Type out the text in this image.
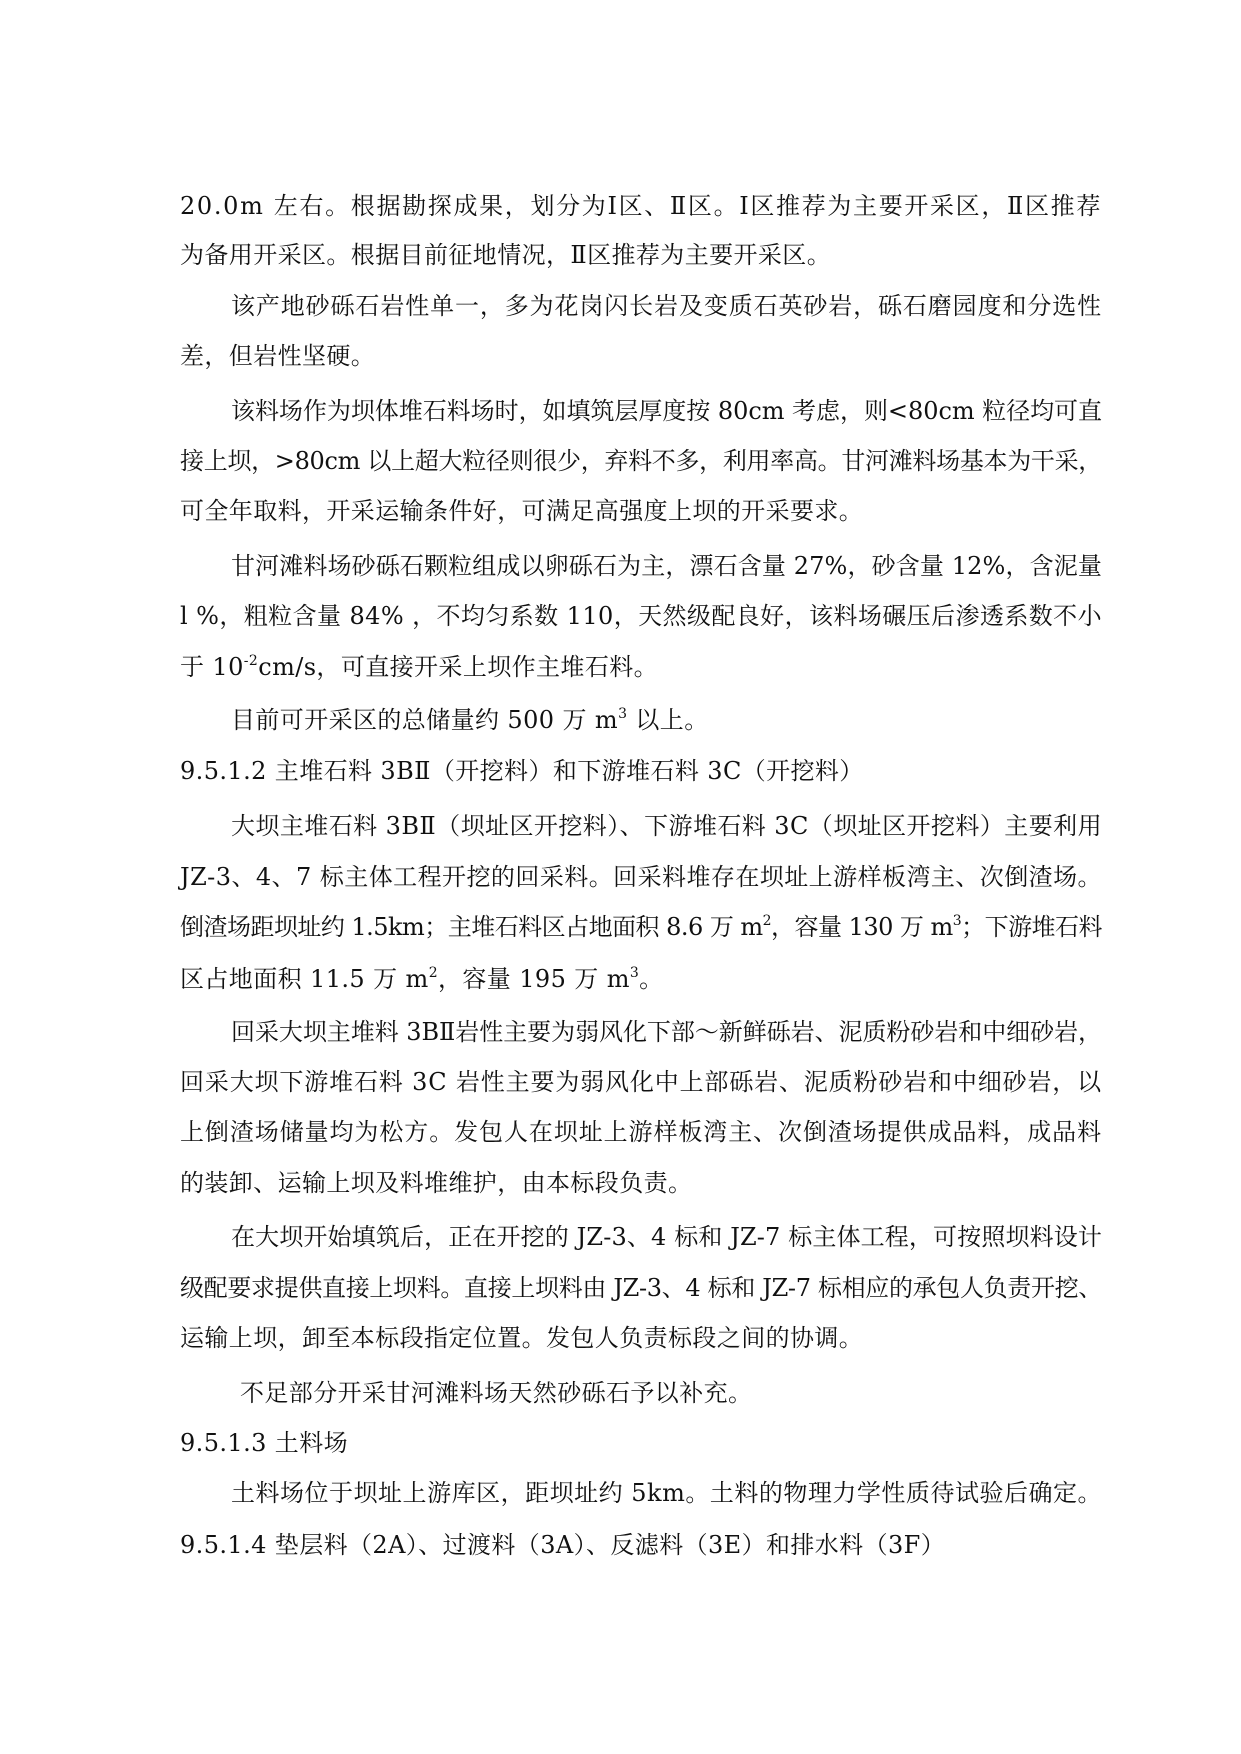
20.0m 左右。根据勘探成果，划分为Ⅰ区、Ⅱ区。Ⅰ区推荐为主要开采区，Ⅱ区推荐

为备用开采区。根据目前征地情况，Ⅱ区推荐为主要开采区。

该产地砂砾石岩性单一，多为花岗闪长岩及变质石英砂岩，砾石磨园度和分选性

差，但岩性坚硬。

该料场作为坝体堆石料场时，如填筑层厚度按 80cm 考虑，则<80cm 粒径均可直

接上坝，>80cm 以上超大粒径则很少，弃料不多，利用率高。甘河滩料场基本为干采，

可全年取料，开采运输条件好，可满足高强度上坝的开采要求。

甘河滩料场砂砾石颗粒组成以卵砾石为主，漂石含量 27%，砂含量 12%，含泥量

l %，粗粒含量 84% ，不均匀系数 110，天然级配良好，该料场碾压后渗透系数不小

于 $10^{-2}cm/s$，可直接开采上坝作主堆石料。

目前可开采区的总储量约 500 万 $m^3$ 以上。

9.5.1.2 主堆石料 3BⅡ（开挖料）和下游堆石料 3C（开挖料）

大坝主堆石料 3BⅡ（坝址区开挖料）、下游堆石料 3C（坝址区开挖料）主要利用

JZ-3、4、7 标主体工程开挖的回采料。回采料堆存在坝址上游样板湾主、次倒渣场。

倒渣场距坝址约 1.5km；主堆石料区占地面积 8.6 万 $m^2$，容量 130 万 $m^3$；下游堆石料

区占地面积 11.5 万 $m^2$，容量 195 万 $m^3$。

回采大坝主堆料 3BⅡ岩性主要为弱风化下部～新鲜砾岩、泥质粉砂岩和中细砂岩，

回采大坝下游堆石料 3C 岩性主要为弱风化中上部砾岩、泥质粉砂岩和中细砂岩，以

上倒渣场储量均为松方。发包人在坝址上游样板湾主、次倒渣场提供成品料，成品料

的装卸、运输上坝及料堆维护，由本标段负责。

在大坝开始填筑后，正在开挖的 JZ-3、4 标和 JZ-7 标主体工程，可按照坝料设计

级配要求提供直接上坝料。直接上坝料由 JZ-3、4 标和 JZ-7 标相应的承包人负责开挖、

运输上坝，卸至本标段指定位置。发包人负责标段之间的协调。

不足部分开采甘河滩料场天然砂砾石予以补充。

9.5.1.3 土料场

土料场位于坝址上游库区，距坝址约 5km。土料的物理力学性质待试验后确定。

9.5.1.4 垫层料（2A）、过渡料（3A）、反滤料（3E）和排水料（3F）
